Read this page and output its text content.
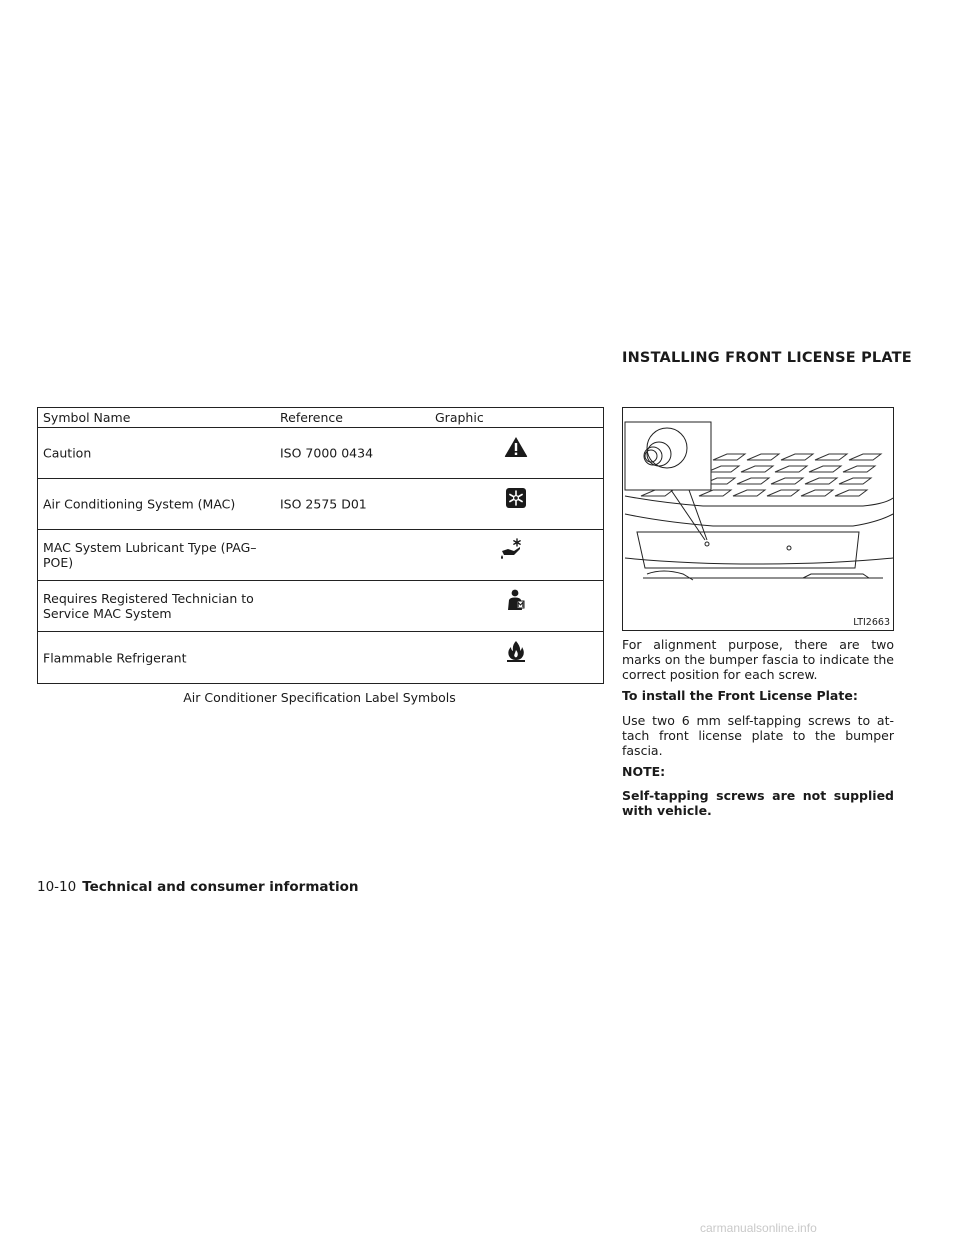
INSTALLING FRONT LICENSE PLATE
Symbol Name	Reference	Graphic
Caution	ISO 7000 0434
Air Conditioning System (MAC)	ISO 2575 D01
MAC System Lubricant Type (PAG–POE)
Requires Registered Technician to Service MAC System
Flammable Refrigerant
Air Conditioner Specification Label Symbols
LTI2663
For alignment purpose, there are two marks on the bumper fascia to indicate the correct position for each screw.
To install the Front License Plate:
Use two 6 mm self-tapping screws to at-tach front license plate to the bumper fascia.
NOTE:
Self-tapping screws are not supplied with vehicle.
10-10 Technical and consumer information
carmanualsonline.info
